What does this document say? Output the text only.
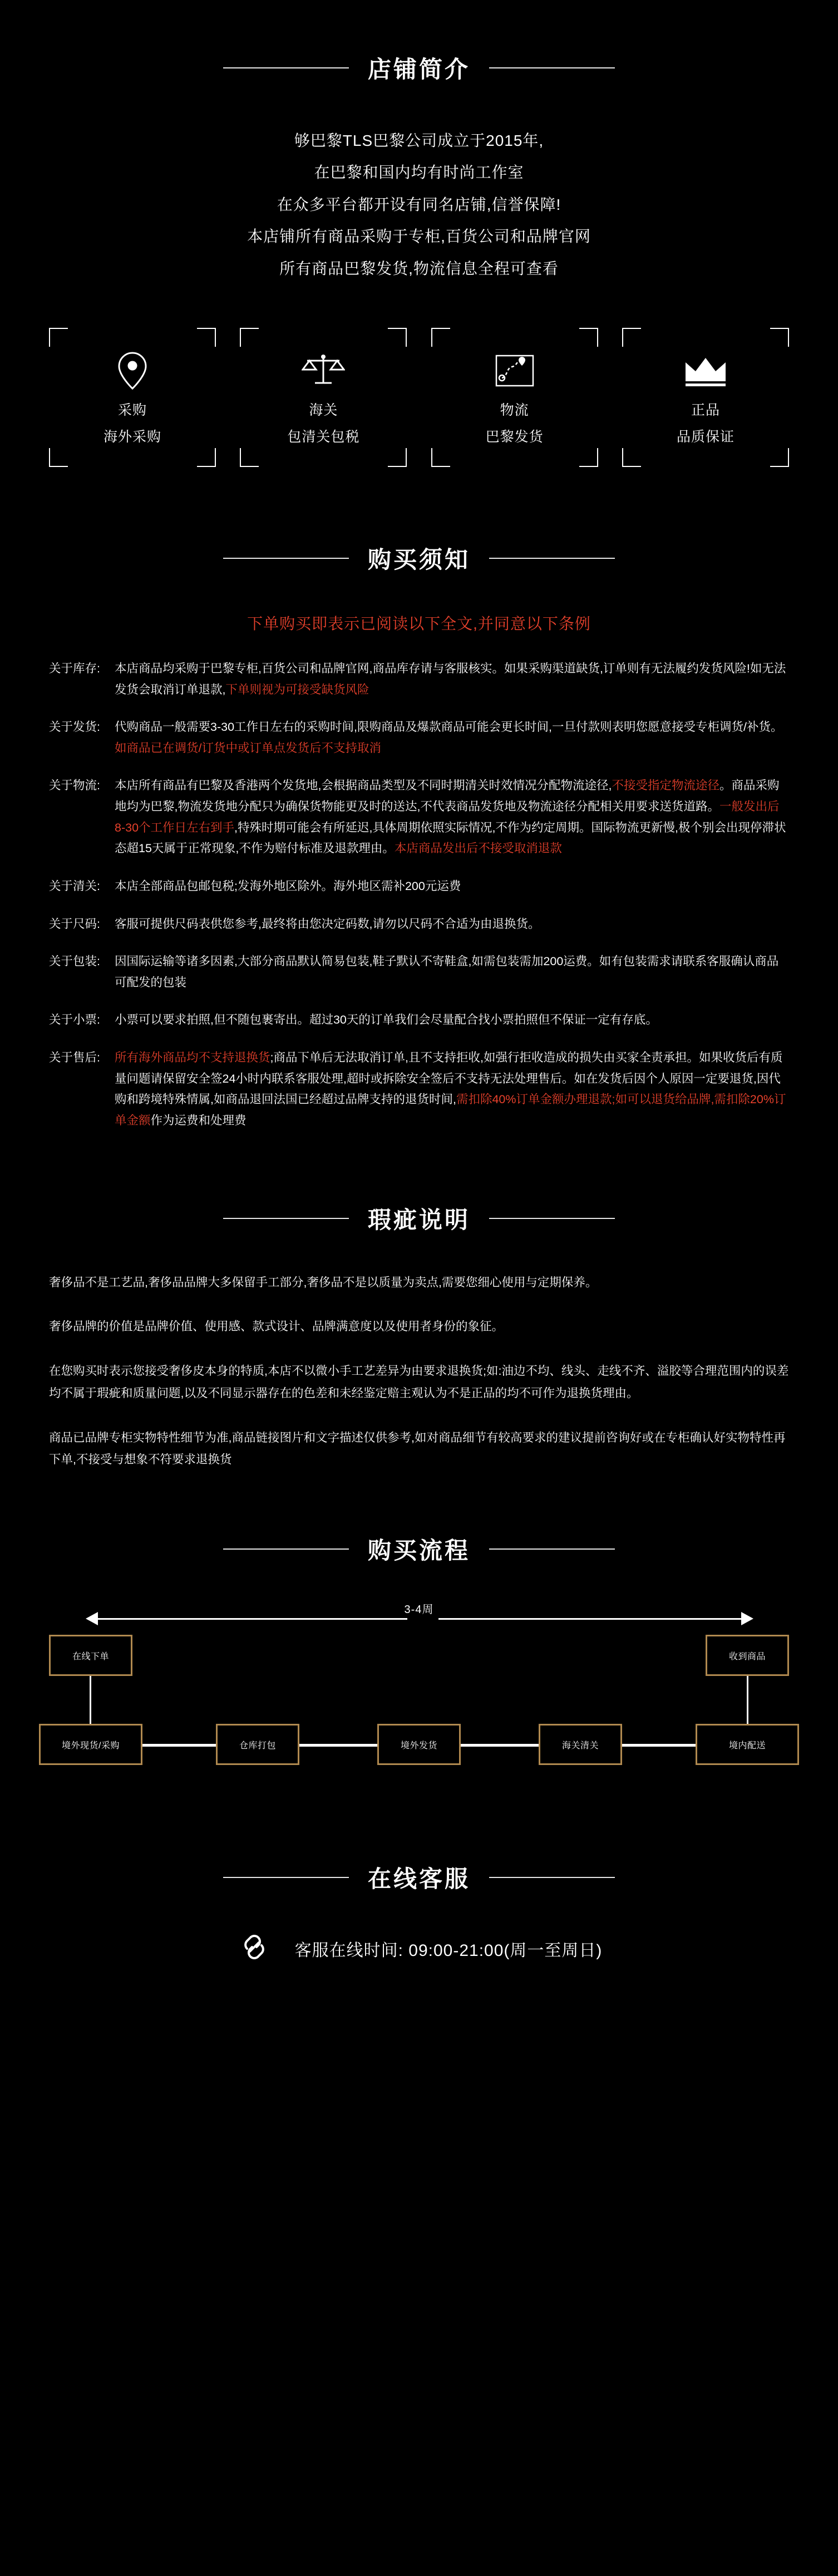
店铺简介
够巴黎TLS巴黎公司成立于2015年,
在巴黎和国内均有时尚工作室
在众多平台都开设有同名店铺,信誉保障!
本店铺所有商品采购于专柜,百货公司和品牌官网
所有商品巴黎发货,物流信息全程可查看
采购
海外采购
海关
包清关包税
物流
巴黎发货
正品
品质保证
购买须知
下单购买即表示已阅读以下全文,并同意以下条例
关于库存:	本店商品均采购于巴黎专柜,百货公司和品牌官网,商品库存请与客服核实。如果采购渠道缺货,订单则有无法履约发货风险!如无法发货会取消订单退款,下单则视为可接受缺货风险
关于发货:	代购商品一般需要3-30工作日左右的采购时间,限购商品及爆款商品可能会更长时间,一旦付款则表明您愿意接受专柜调货/补货。如商品已在调货/订货中或订单点发货后不支持取消
关于物流:	本店所有商品有巴黎及香港两个发货地,会根据商品类型及不同时期清关时效情况分配物流途径,不接受指定物流途径。商品采购地均为巴黎,物流发货地分配只为确保货物能更及时的送达,不代表商品发货地及物流途径分配相关用要求送货道路。一般发出后8-30个工作日左右到手,特殊时期可能会有所延迟,具体周期依照实际情况,不作为约定周期。国际物流更新慢,极个别会出现停滞状态超15天属于正常现象,不作为赔付标准及退款理由。本店商品发出后不接受取消退款
关于清关:	本店全部商品包邮包税;发海外地区除外。海外地区需补200元运费
关于尺码:	客服可提供尺码表供您参考,最终将由您决定码数,请勿以尺码不合适为由退换货。
关于包装:	因国际运输等诸多因素,大部分商品默认简易包装,鞋子默认不寄鞋盒,如需包装需加200运费。如有包装需求请联系客服确认商品可配发的包装
关于小票:	小票可以要求拍照,但不随包裹寄出。超过30天的订单我们会尽量配合找小票拍照但不保证一定有存底。
关于售后:	所有海外商品均不支持退换货;商品下单后无法取消订单,且不支持拒收,如强行拒收造成的损失由买家全责承担。如果收货后有质量问题请保留安全签24小时内联系客服处理,超时或拆除安全签后不支持无法处理售后。如在发货后因个人原因一定要退货,因代购和跨境特殊情属,如商品退回法国已经超过品牌支持的退货时间,需扣除40%订单金额办理退款;如可以退货给品牌,需扣除20%订单金额作为运费和处理费
瑕疵说明

奢侈品不是工艺品,奢侈品品牌大多保留手工部分,奢侈品不是以质量为卖点,需要您细心使用与定期保养。

奢侈品牌的价值是品牌价值、使用感、款式设计、品牌满意度以及使用者身份的象征。

在您购买时表示您接受奢侈皮本身的特质,本店不以微小手工艺差异为由要求退换货;如:油边不均、线头、走线不齐、溢胶等合理范围内的误差均不属于瑕疵和质量问题,以及不同显示器存在的色差和未经鉴定赔主观认为不是正品的均不可作为退换货理由。

商品已品牌专柜实物特性细节为准,商品链接图片和文字描述仅供参考,如对商品细节有较高要求的建议提前咨询好或在专柜确认好实物特性再下单,不接受与想象不符要求退换货

购买流程
3-4周
在线下单	收到商品
境外现货/采购	仓库打包	境外发货	海关清关	境内配送
在线客服
客服在线时间: 09:00-21:00(周一至周日)
